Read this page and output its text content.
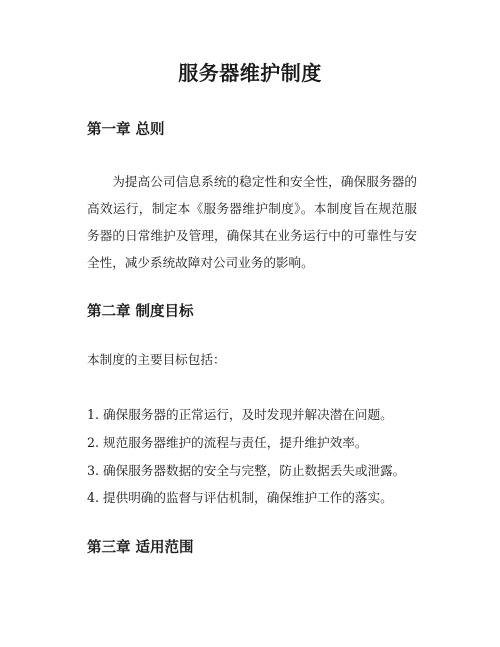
服务器维护制度
第一章 总则
为提高公司信息系统的稳定性和安全性，确保服务器的高效运行，制定本《服务器维护制度》。本制度旨在规范服务器的日常维护及管理，确保其在业务运行中的可靠性与安全性，减少系统故障对公司业务的影响。
第二章 制度目标
本制度的主要目标包括：
1. 确保服务器的正常运行，及时发现并解决潜在问题。
2. 规范服务器维护的流程与责任，提升维护效率。
3. 确保服务器数据的安全与完整，防止数据丢失或泄露。
4. 提供明确的监督与评估机制，确保维护工作的落实。
第三章 适用范围
